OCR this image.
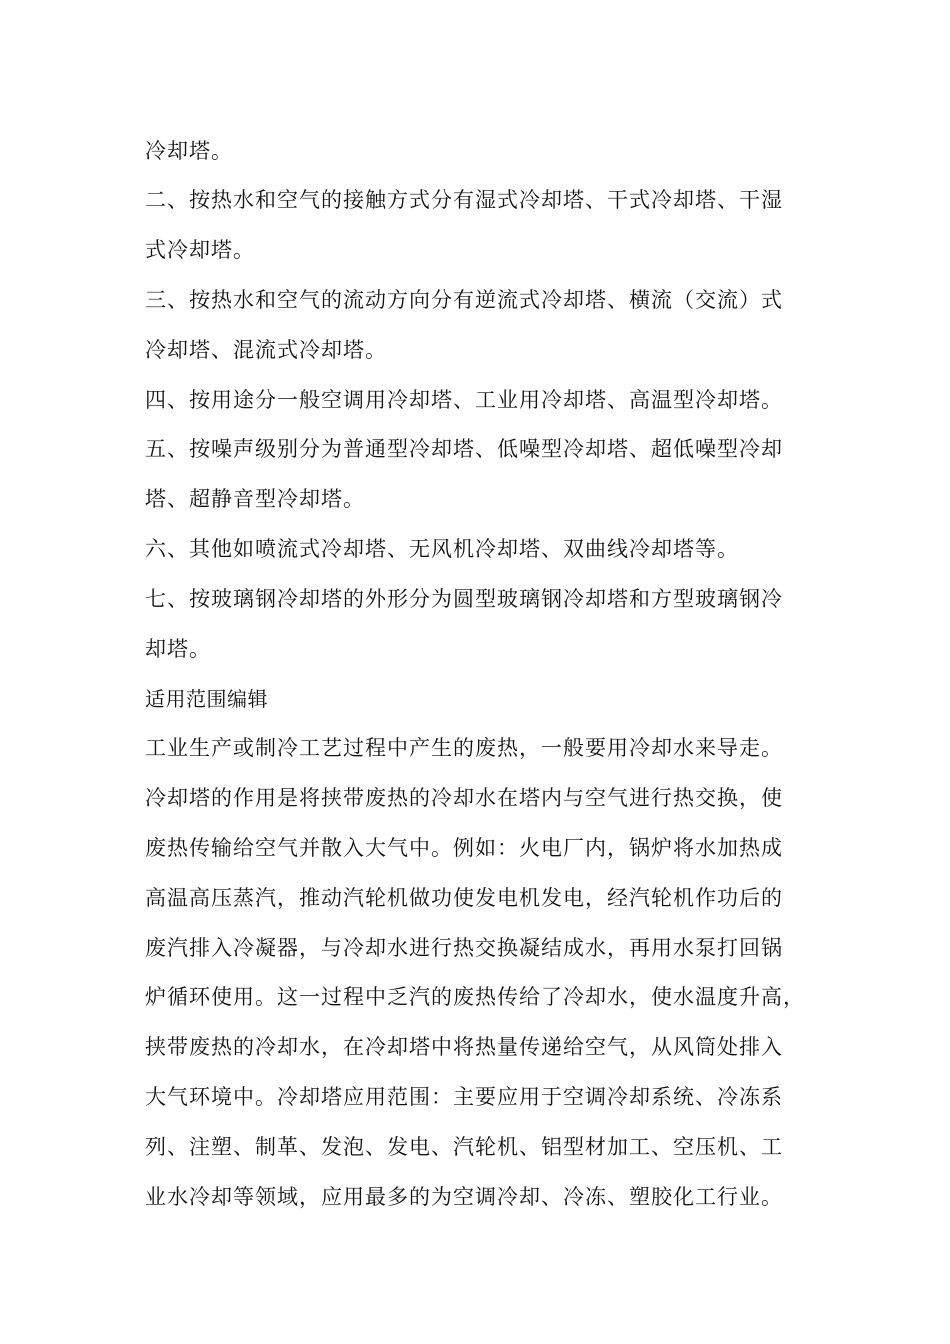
冷却塔。
二、按热水和空气的接触方式分有湿式冷却塔、干式冷却塔、干湿
式冷却塔。
三、按热水和空气的流动方向分有逆流式冷却塔、横流（交流）式
冷却塔、混流式冷却塔。
四、按用途分一般空调用冷却塔、工业用冷却塔、高温型冷却塔。
五、按噪声级别分为普通型冷却塔、低噪型冷却塔、超低噪型冷却
塔、超静音型冷却塔。
六、其他如喷流式冷却塔、无风机冷却塔、双曲线冷却塔等。
七、按玻璃钢冷却塔的外形分为圆型玻璃钢冷却塔和方型玻璃钢冷
却塔。
适用范围编辑
工业生产或制冷工艺过程中产生的废热，一般要用冷却水来导走。
冷却塔的作用是将挟带废热的冷却水在塔内与空气进行热交换，使
废热传输给空气并散入大气中。例如：火电厂内，锅炉将水加热成
高温高压蒸汽，推动汽轮机做功使发电机发电，经汽轮机作功后的
废汽排入冷凝器，与冷却水进行热交换凝结成水，再用水泵打回锅
炉循环使用。这一过程中乏汽的废热传给了冷却水，使水温度升高，
挟带废热的冷却水，在冷却塔中将热量传递给空气，从风筒处排入
大气环境中。冷却塔应用范围：主要应用于空调冷却系统、冷冻系
列、注塑、制革、发泡、发电、汽轮机、铝型材加工、空压机、工
业水冷却等领域，应用最多的为空调冷却、冷冻、塑胶化工行业。
